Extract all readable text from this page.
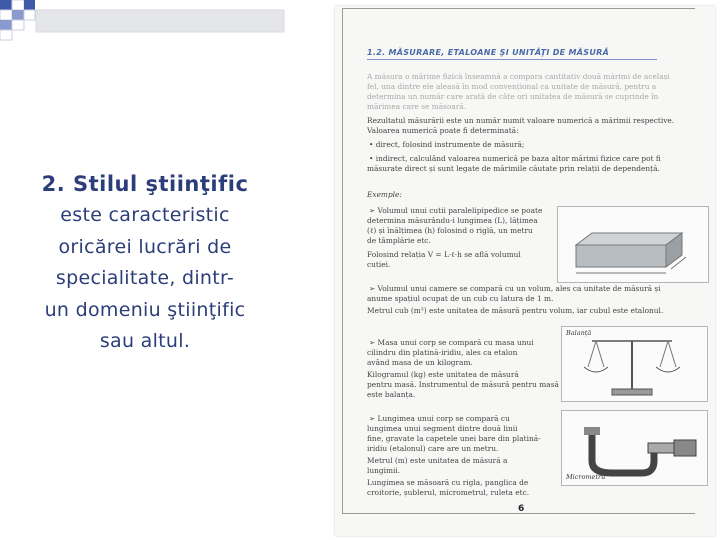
2. Stilul ştiinţific
este caracteristic
oricărei lucrări de
specialitate, dintr-
un domeniu ştiinţific
sau altul.
1.2. MĂSURARE, ETALOANE ŞI UNITĂŢI DE MĂSURĂ
A măsura o mărime fizică înseamnă a compara cantitativ două mărimi de același
fel, una dintre ele aleasă în mod convențional ca unitate de măsură, pentru a
determina un număr care arată de câte ori unitatea de măsură se cuprinde în
mărimea care se măsoară.
Rezultatul măsurării este un număr numit valoare numerică a mărimii respective.
Valoarea numerică poate fi determinată:
• direct, folosind instrumente de măsură;
• indirect, calculând valoarea numerică pe baza altor mărimi fizice care pot fi
măsurate direct și sunt legate de mărimile căutate prin relații de dependență.
Exemple:
➢ Volumul unui cutii paralelipipedice se poate
determina măsurându-i lungimea (L), lățimea
(ℓ) și înălțimea (h) folosind o riglă, un metru
de tâmplărie etc.
Folosind relația V = L·ℓ·h se află volumul
cutiei.
➢ Volumul unui camere se compară cu un volum, ales ca unitate de măsură și
anume spațiul ocupat de un cub cu latura de 1 m.
Metrul cub (m³) este unitatea de măsură pentru volum, iar cubul este etalonul.
➢ Masa unui corp se compară cu masa unui
cilindru din platină-iridiu, ales ca etalon
având masa de un kilogram.
Kilogramul (kg) este unitatea de măsură
pentru masă. Instrumentul de măsură pentru masă
este balanța.
Balanță
➢ Lungimea unui corp se compară cu
lungimea unui segment dintre două linii
fine, gravate la capetele unei bare din platină-
iridiu (etalonul) care are un metru.
Metrul (m) este unitatea de măsură a
lungimii.
Lungimea se măsoară cu rigla, panglica de
croitorie, șublerul, micrometrul, ruleta etc.
Micrometru
6
